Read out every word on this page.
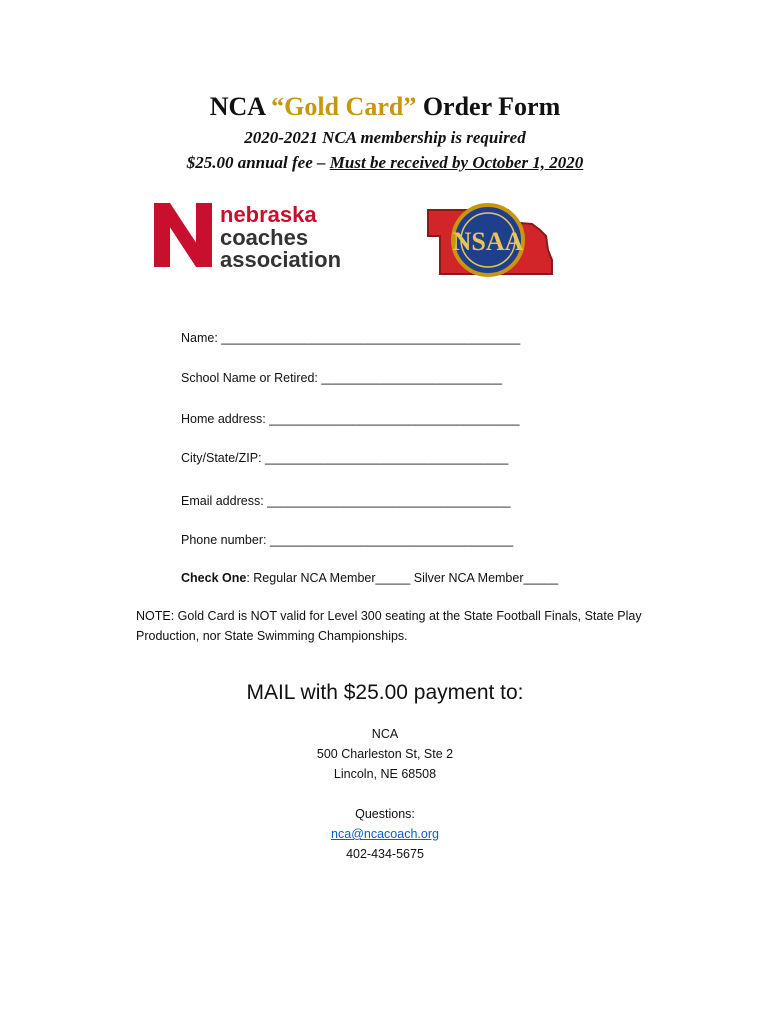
NCA “Gold Card” Order Form
2020-2021 NCA membership is required
$25.00 annual fee – Must be received by October 1, 2020
nebraska
coaches
association
NSAA
Name: ___________________________________________
School Name or Retired: __________________________
Home address: ____________________________________
City/State/ZIP: ___________________________________
Email address: ___________________________________
Phone number: ___________________________________
Check One: Regular NCA Member_____ Silver NCA Member_____
NOTE: Gold Card is NOT valid for Level 300 seating at the State Football Finals, State Play Production, nor State Swimming Championships.
MAIL with $25.00 payment to:
NCA
500 Charleston St, Ste 2
Lincoln, NE 68508
Questions:
nca@ncacoach.org
402-434-5675
